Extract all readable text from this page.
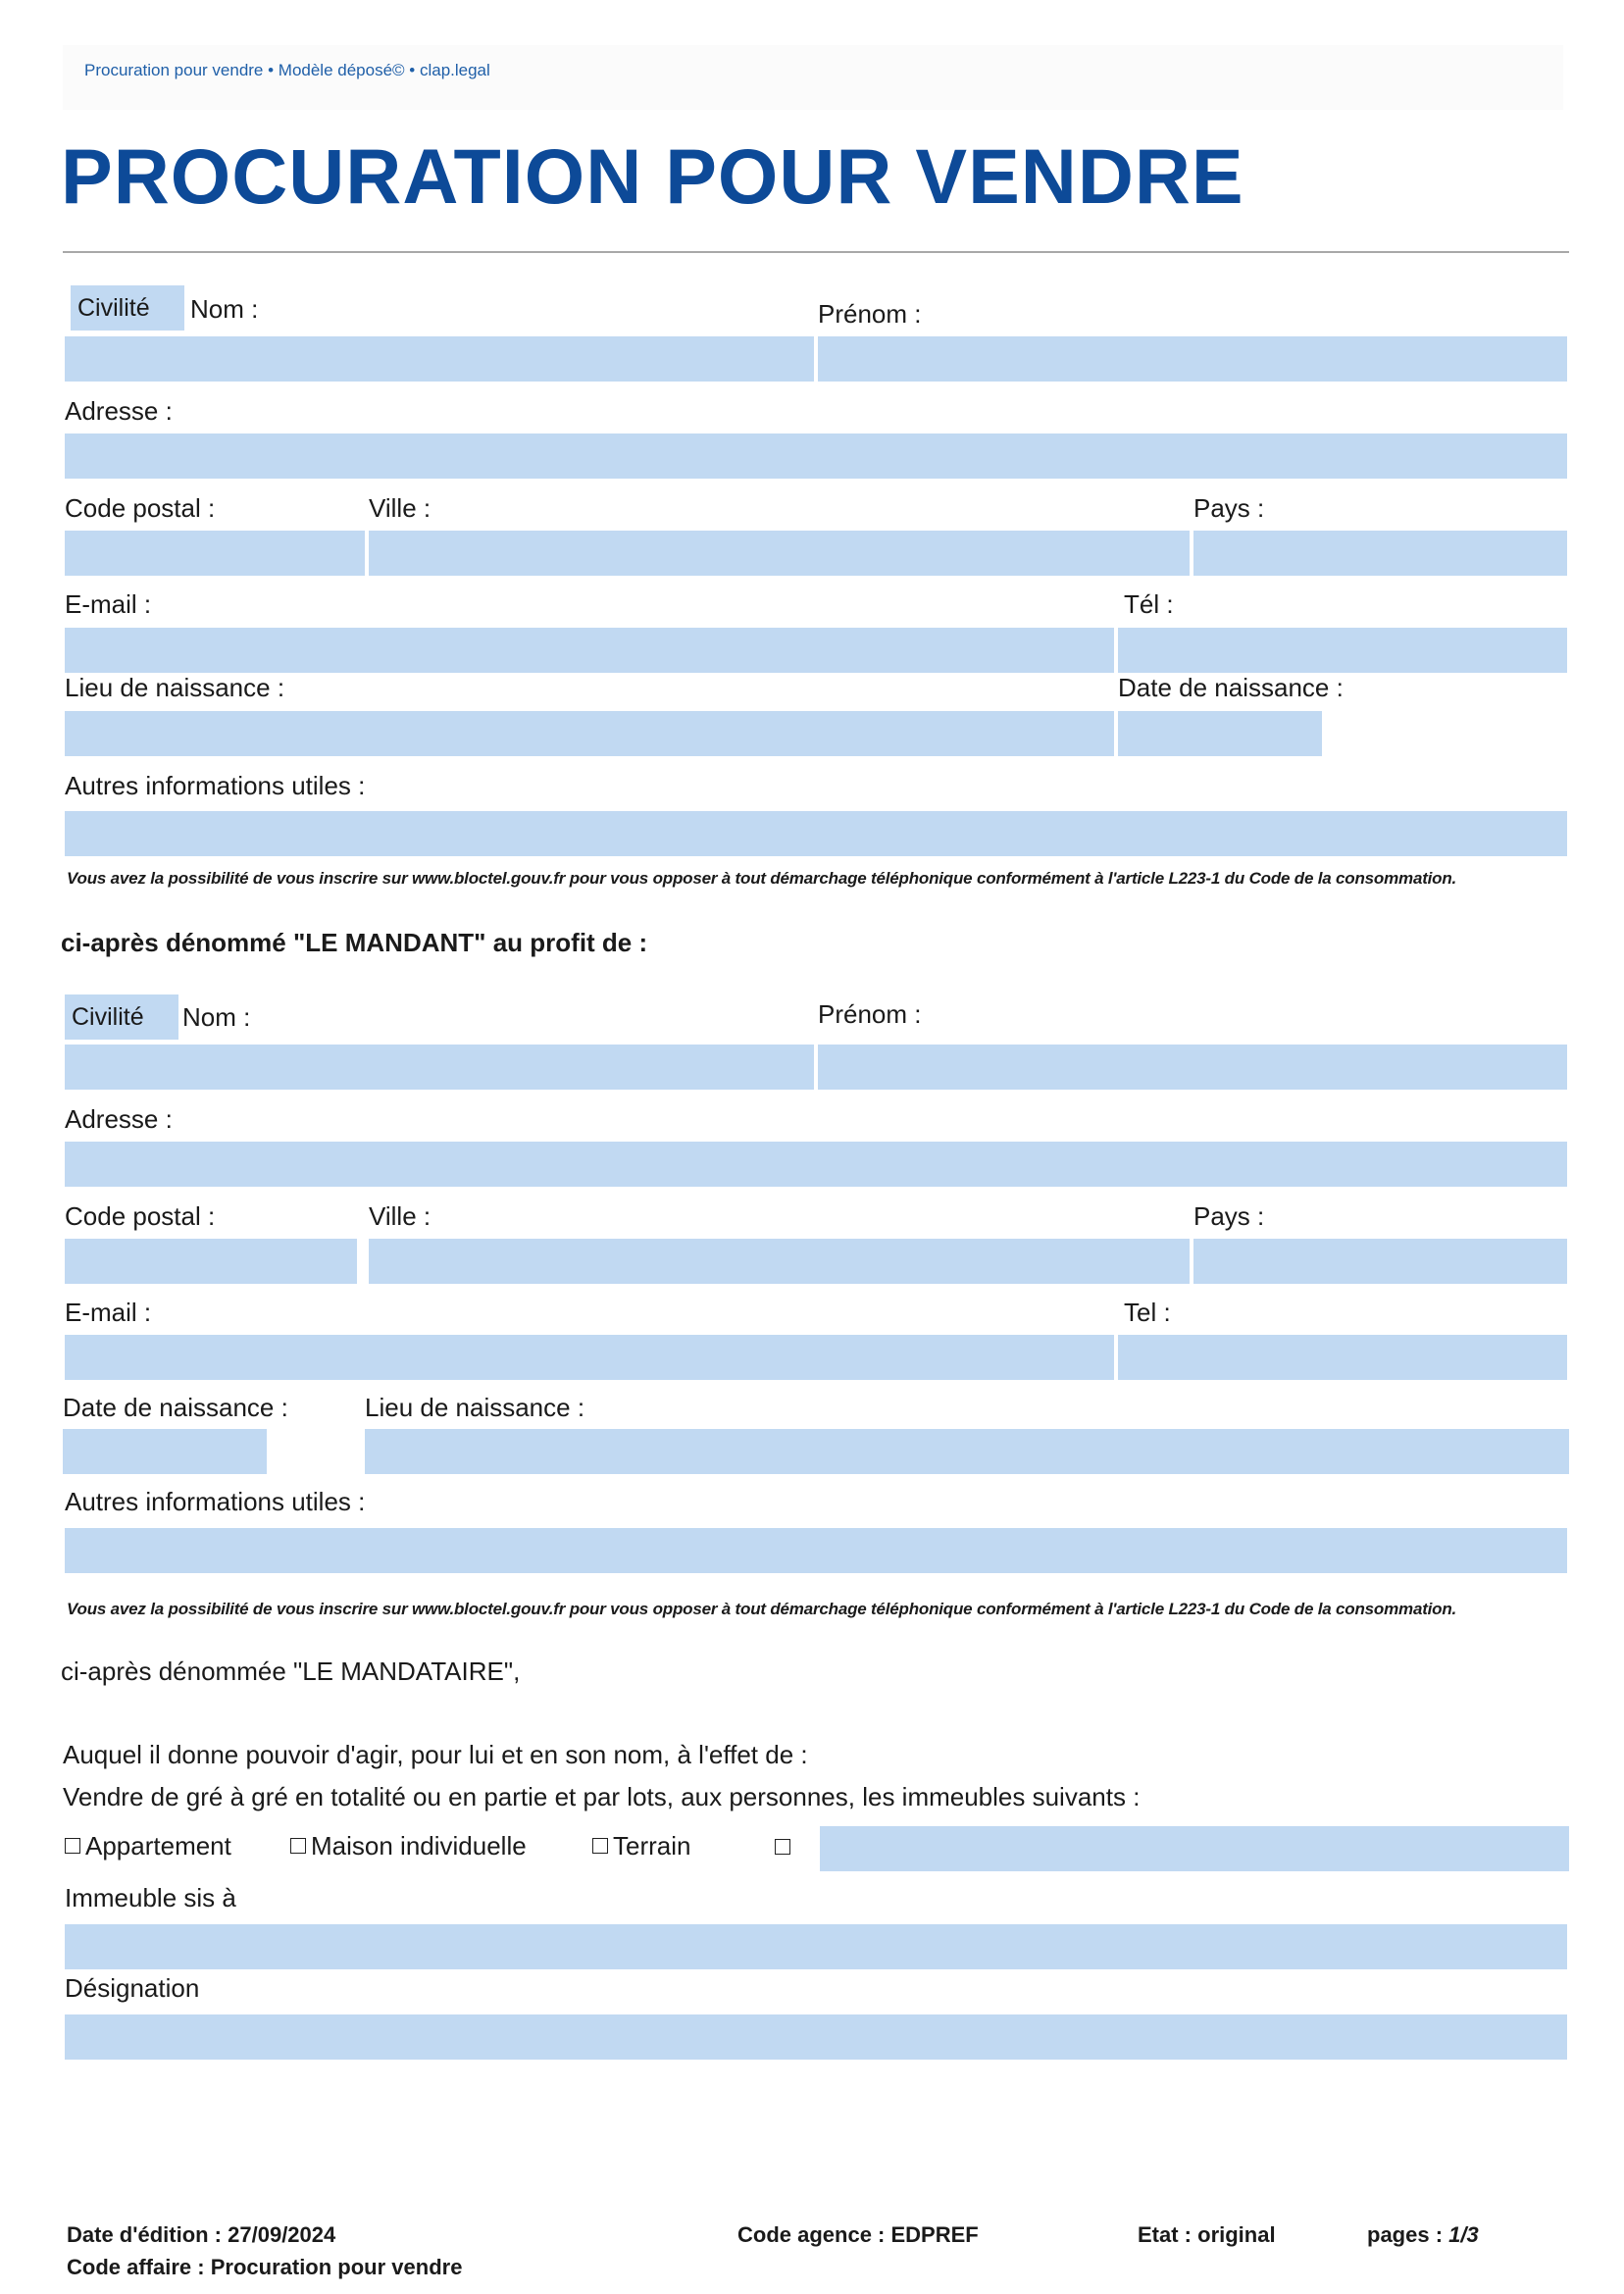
Procuration pour vendre • Modèle déposé© • clap.legal
PROCURATION POUR VENDRE
Civilité	Nom :	Prénom :
Adresse :
Code postal :	Ville :	Pays :
E-mail :	Tél :
Lieu de naissance :	Date de naissance :
Autres informations utiles :
Vous avez la possibilité de vous inscrire sur www.bloctel.gouv.fr pour vous opposer à tout démarchage téléphonique conformément à l'article L223-1 du Code de la consommation.
ci-après dénommé "LE MANDANT" au profit de :
Civilité	Nom :	Prénom :
Adresse :
Code postal :	Ville :	Pays :
E-mail :	Tel :
Date de naissance :	Lieu de naissance :
Autres informations utiles :
Vous avez la possibilité de vous inscrire sur www.bloctel.gouv.fr pour vous opposer à tout démarchage téléphonique conformément à l'article L223-1 du Code de la consommation.
ci-après dénommée "LE MANDATAIRE",
Auquel il donne pouvoir d'agir, pour lui et en son nom, à l'effet de :
Vendre de gré à gré en totalité ou en partie et par lots, aux personnes, les immeubles suivants :
Appartement	Maison individuelle	Terrain
Immeuble sis à
Désignation
Date d'édition : 27/09/2024
Code affaire : Procuration pour vendre
Code agence : EDPREF	Etat : original	pages : 1/3
